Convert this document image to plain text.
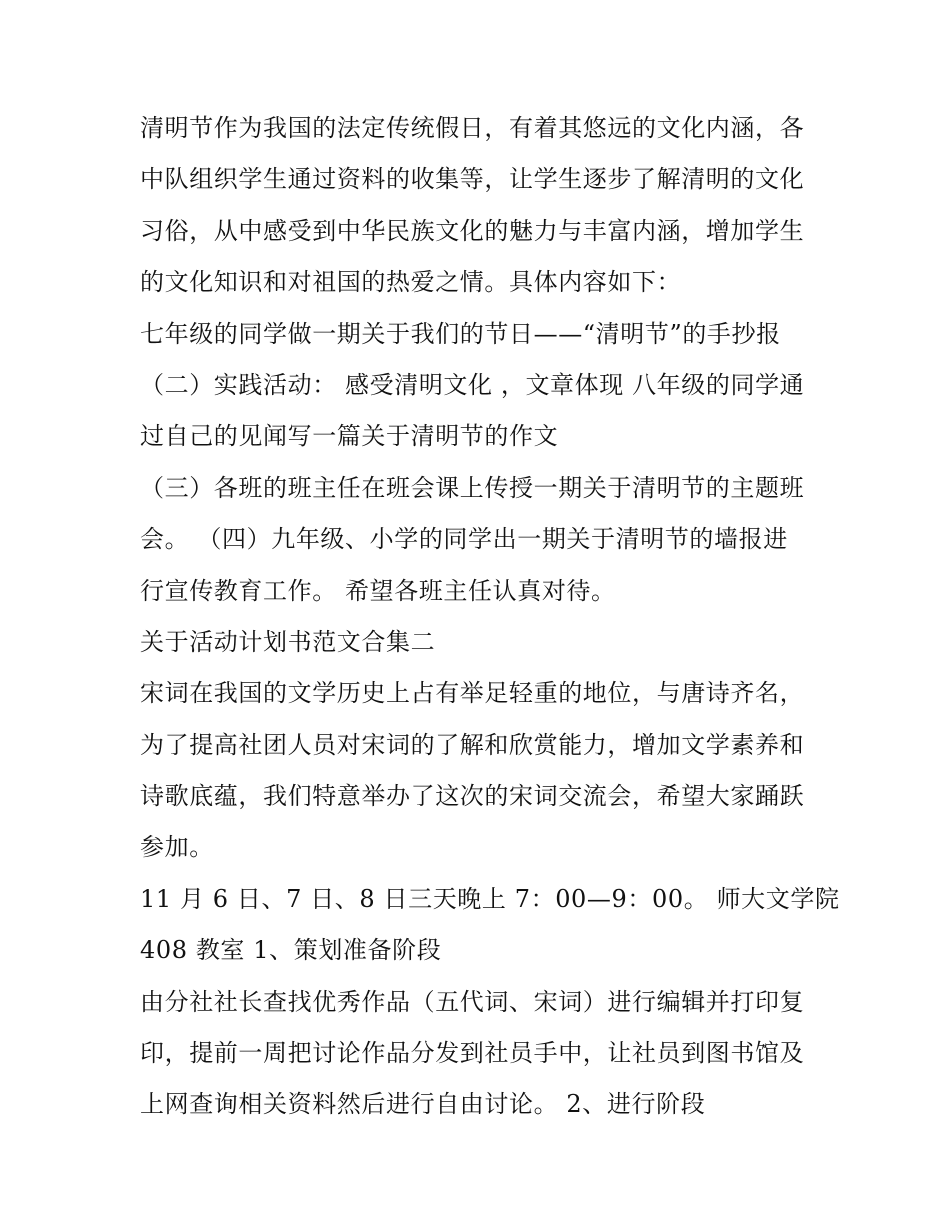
清明节作为我国的法定传统假日，有着其悠远的文化内涵，各
中队组织学生通过资料的收集等，让学生逐步了解清明的文化
习俗，从中感受到中华民族文化的魅力与丰富内涵，增加学生
的文化知识和对祖国的热爱之情。具体内容如下：
七年级的同学做一期关于我们的节日——“清明节”的手抄报
（二）实践活动： 感受清明文化 ，文章体现 八年级的同学通
过自己的见闻写一篇关于清明节的作文
（三）各班的班主任在班会课上传授一期关于清明节的主题班
会。 （四）九年级、小学的同学出一期关于清明节的墙报进
行宣传教育工作。 希望各班主任认真对待。
关于活动计划书范文合集二
宋词在我国的文学历史上占有举足轻重的地位，与唐诗齐名，
为了提高社团人员对宋词的了解和欣赏能力，增加文学素养和
诗歌底蕴，我们特意举办了这次的宋词交流会，希望大家踊跃
参加。
11 月 6 日、7 日、8 日三天晚上 7：00—9：00。 师大文学院
408 教室 1、策划准备阶段
由分社社长查找优秀作品（五代词、宋词）进行编辑并打印复
印，提前一周把讨论作品分发到社员手中，让社员到图书馆及
上网查询相关资料然后进行自由讨论。 2、进行阶段
